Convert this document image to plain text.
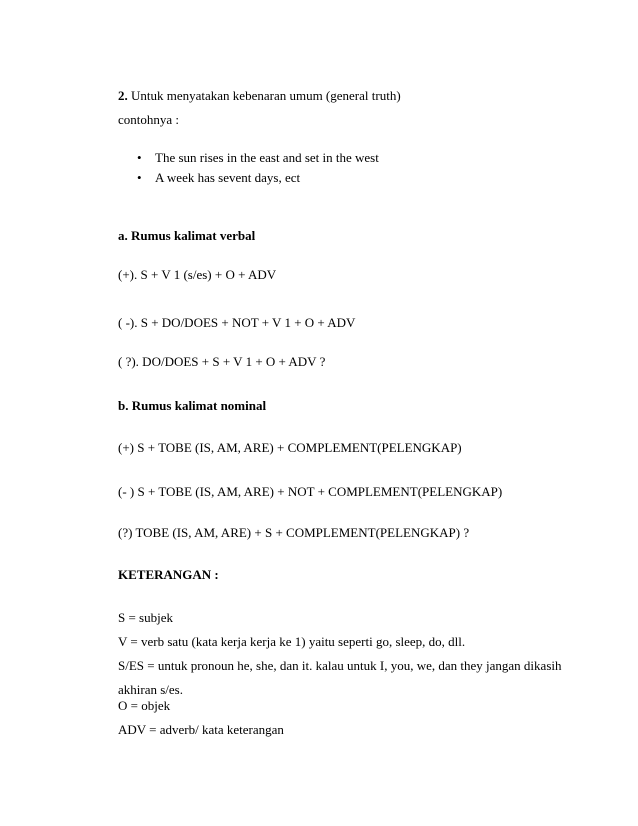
2. Untuk menyatakan kebenaran umum (general truth)
contohnya :
• The sun rises in the east and set in the west
• A week has sevent days, ect
a. Rumus kalimat verbal
(+). S + V 1 (s/es) + O + ADV
( -). S + DO/DOES + NOT + V 1 + O + ADV
( ?). DO/DOES + S + V 1 + O + ADV ?
b. Rumus kalimat nominal
(+) S + TOBE (IS, AM, ARE) + COMPLEMENT(PELENGKAP)
(- ) S + TOBE (IS, AM, ARE) + NOT + COMPLEMENT(PELENGKAP)
(?) TOBE (IS, AM, ARE) + S + COMPLEMENT(PELENGKAP) ?
KETERANGAN :
S = subjek
V = verb satu (kata kerja kerja ke 1) yaitu seperti go, sleep, do, dll.
S/ES = untuk pronoun he, she, dan it. kalau untuk I, you, we, dan they jangan dikasih
akhiran s/es.
O = objek
ADV = adverb/ kata keterangan
